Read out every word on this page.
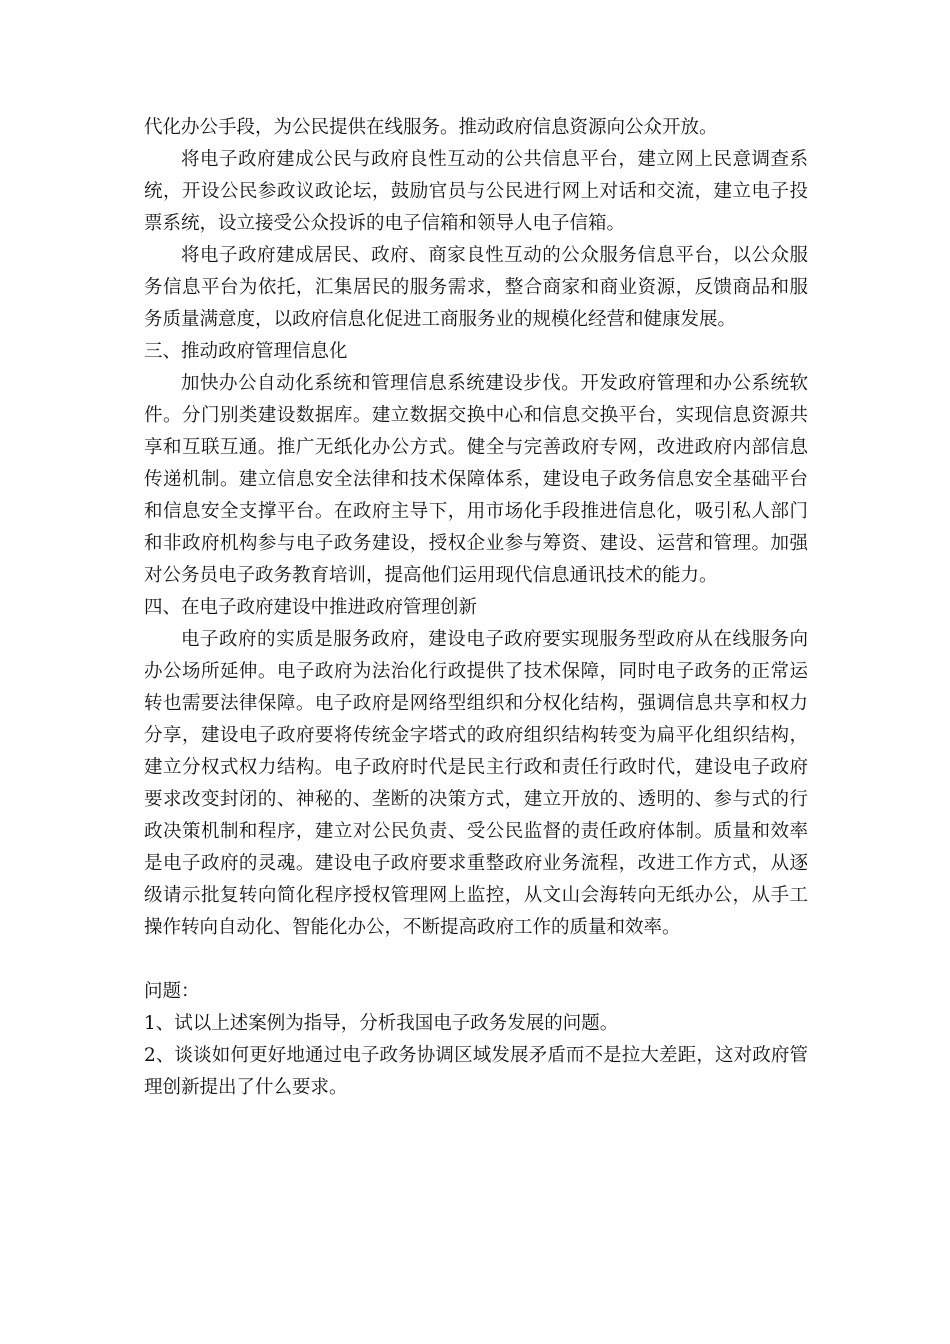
代化办公手段，为公民提供在线服务。推动政府信息资源向公众开放。

将电子政府建成公民与政府良性互动的公共信息平台，建立网上民意调查系统，开设公民参政议政论坛，鼓励官员与公民进行网上对话和交流，建立电子投票系统，设立接受公众投诉的电子信箱和领导人电子信箱。

将电子政府建成居民、政府、商家良性互动的公众服务信息平台，以公众服务信息平台为依托，汇集居民的服务需求，整合商家和商业资源，反馈商品和服务质量满意度，以政府信息化促进工商服务业的规模化经营和健康发展。

三、推动政府管理信息化

加快办公自动化系统和管理信息系统建设步伐。开发政府管理和办公系统软件。分门别类建设数据库。建立数据交换中心和信息交换平台，实现信息资源共享和互联互通。推广无纸化办公方式。健全与完善政府专网，改进政府内部信息传递机制。建立信息安全法律和技术保障体系，建设电子政务信息安全基础平台和信息安全支撑平台。在政府主导下，用市场化手段推进信息化，吸引私人部门和非政府机构参与电子政务建设，授权企业参与筹资、建设、运营和管理。加强对公务员电子政务教育培训，提高他们运用现代信息通讯技术的能力。

四、在电子政府建设中推进政府管理创新

电子政府的实质是服务政府，建设电子政府要实现服务型政府从在线服务向办公场所延伸。电子政府为法治化行政提供了技术保障，同时电子政务的正常运转也需要法律保障。电子政府是网络型组织和分权化结构，强调信息共享和权力分享，建设电子政府要将传统金字塔式的政府组织结构转变为扁平化组织结构，建立分权式权力结构。电子政府时代是民主行政和责任行政时代，建设电子政府要求改变封闭的、神秘的、垄断的决策方式，建立开放的、透明的、参与式的行政决策机制和程序，建立对公民负责、受公民监督的责任政府体制。质量和效率是电子政府的灵魂。建设电子政府要求重整政府业务流程，改进工作方式，从逐级请示批复转向简化程序授权管理网上监控，从文山会海转向无纸办公，从手工操作转向自动化、智能化办公，不断提高政府工作的质量和效率。

问题：

1、试以上述案例为指导，分析我国电子政务发展的问题。

2、谈谈如何更好地通过电子政务协调区域发展矛盾而不是拉大差距，这对政府管理创新提出了什么要求。
